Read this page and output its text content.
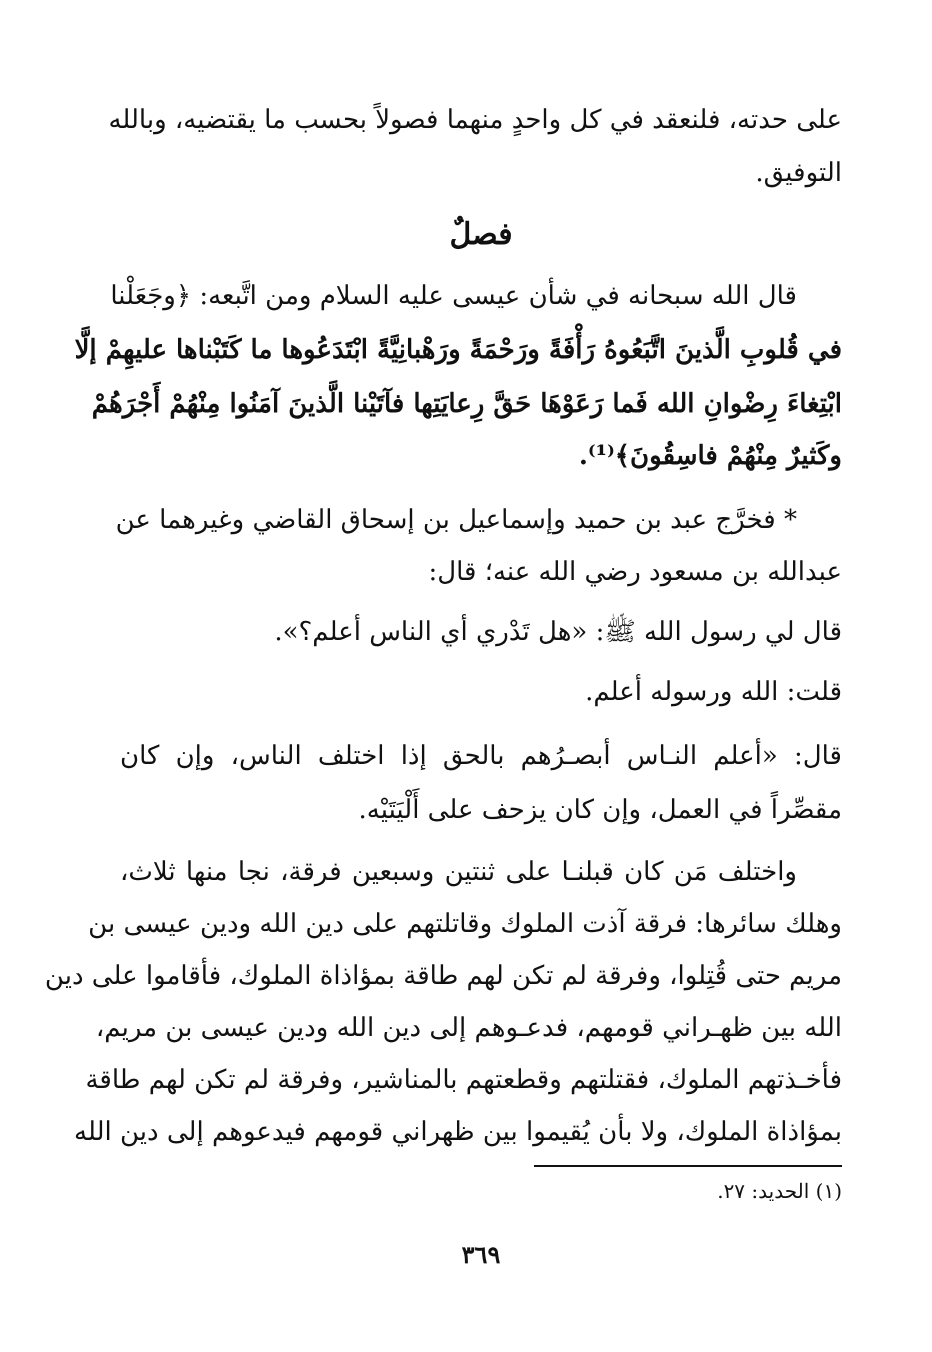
على حدته، فلنعقد في كل واحدٍ منهما فصولاً بحسب ما يقتضيه، وبالله
التوفيق.
فصلٌ
قال الله سبحانه في شأن عيسى عليه السلام ومن اتَّبعه: ﴿وجَعَلْنا
في قُلوبِ الَّذينَ اتَّبَعُوهُ رَأْفَةً ورَحْمَةً ورَهْبانِيَّةً ابْتَدَعُوها ما كَتَبْناها عليهِمْ إلَّا
ابْتِغاءَ رِضْوانِ الله فَما رَعَوْهَا حَقَّ رِعايَتِها فآتَيْنا الَّذينَ آمَنُوا مِنْهُمْ أَجْرَهُمْ
وكَثيرٌ مِنْهُمْ فاسِقُونَ﴾⁽¹⁾.
* فخرَّج عبد بن حميد وإسماعيل بن إسحاق القاضي وغيرهما عن
عبدالله بن مسعود رضي الله عنه؛ قال:
قال لي رسول الله ﷺ: «هل تَدْري أي الناس أعلم؟».
قلت: الله ورسوله أعلم.
قال: «أعلم النـاس أبصـرُهم بالحق إذا اختلف الناس، وإن كان
مقصِّراً في العمل، وإن كان يزحف على أَلْيَتَيْه.
واختلف مَن كان قبلنـا على ثنتين وسبعين فرقة، نجا منها ثلاث،
وهلك سائرها: فرقة آذت الملوك وقاتلتهم على دين الله ودين عيسى بن
مريم حتى قُتِلوا، وفرقة لم تكن لهم طاقة بمؤاذاة الملوك، فأقاموا على دين
الله بين ظهـراني قومهم، فدعـوهم إلى دين الله ودين عيسى بن مريم،
فأخـذتهم الملوك، فقتلتهم وقطعتهم بالمناشير، وفرقة لم تكن لهم طاقة
بمؤاذاة الملوك، ولا بأن يُقيموا بين ظهراني قومهم فيدعوهم إلى دين الله
(١) الحديد: ٢٧.
٣٦٩
